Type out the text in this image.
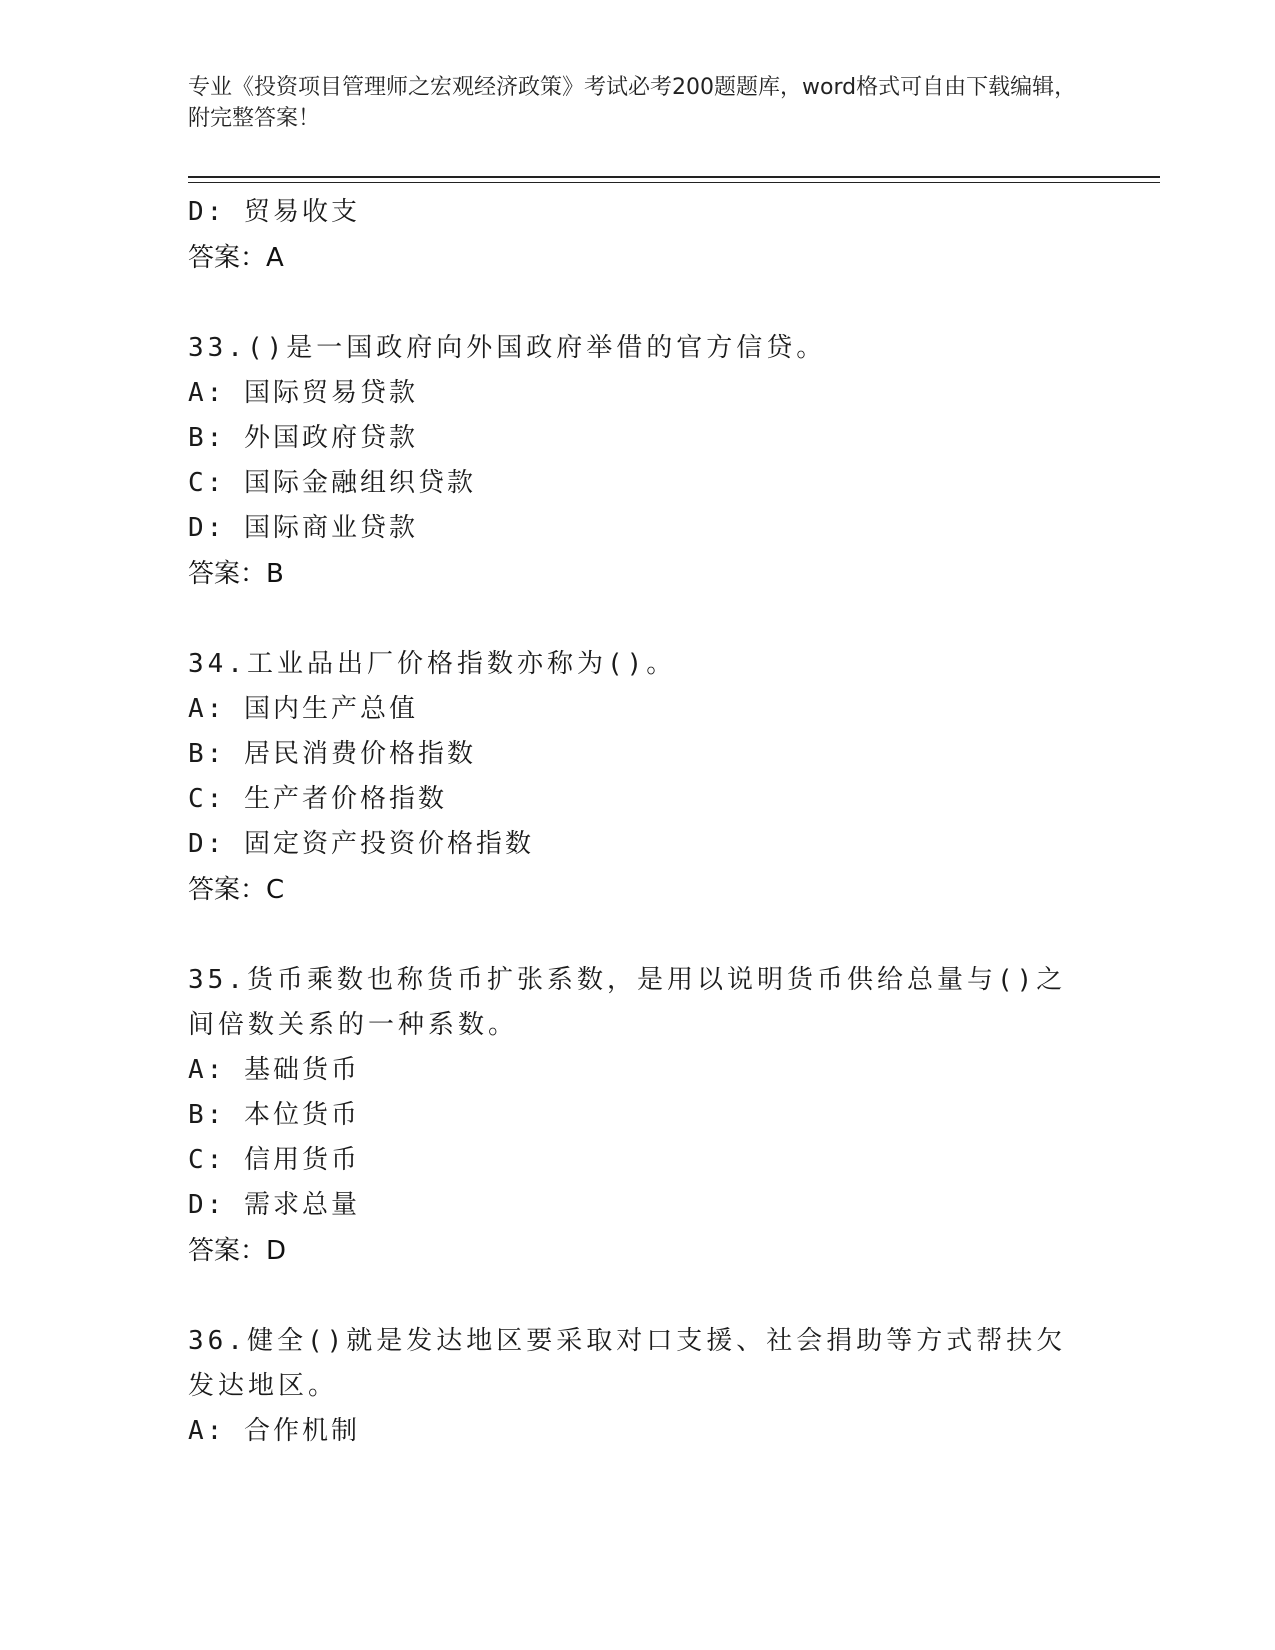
专业《投资项目管理师之宏观经济政策》考试必考200题题库，word格式可自由下载编辑，附完整答案！
D: 贸易收支
答案：A
33.()是一国政府向外国政府举借的官方信贷。
A: 国际贸易贷款
B: 外国政府贷款
C: 国际金融组织贷款
D: 国际商业贷款
答案：B
34.工业品出厂价格指数亦称为()。
A: 国内生产总值
B: 居民消费价格指数
C: 生产者价格指数
D: 固定资产投资价格指数
答案：C
35.货币乘数也称货币扩张系数，是用以说明货币供给总量与()之间倍数关系的一种系数。
A: 基础货币
B: 本位货币
C: 信用货币
D: 需求总量
答案：D
36.健全()就是发达地区要采取对口支援、社会捐助等方式帮扶欠发达地区。
A: 合作机制
